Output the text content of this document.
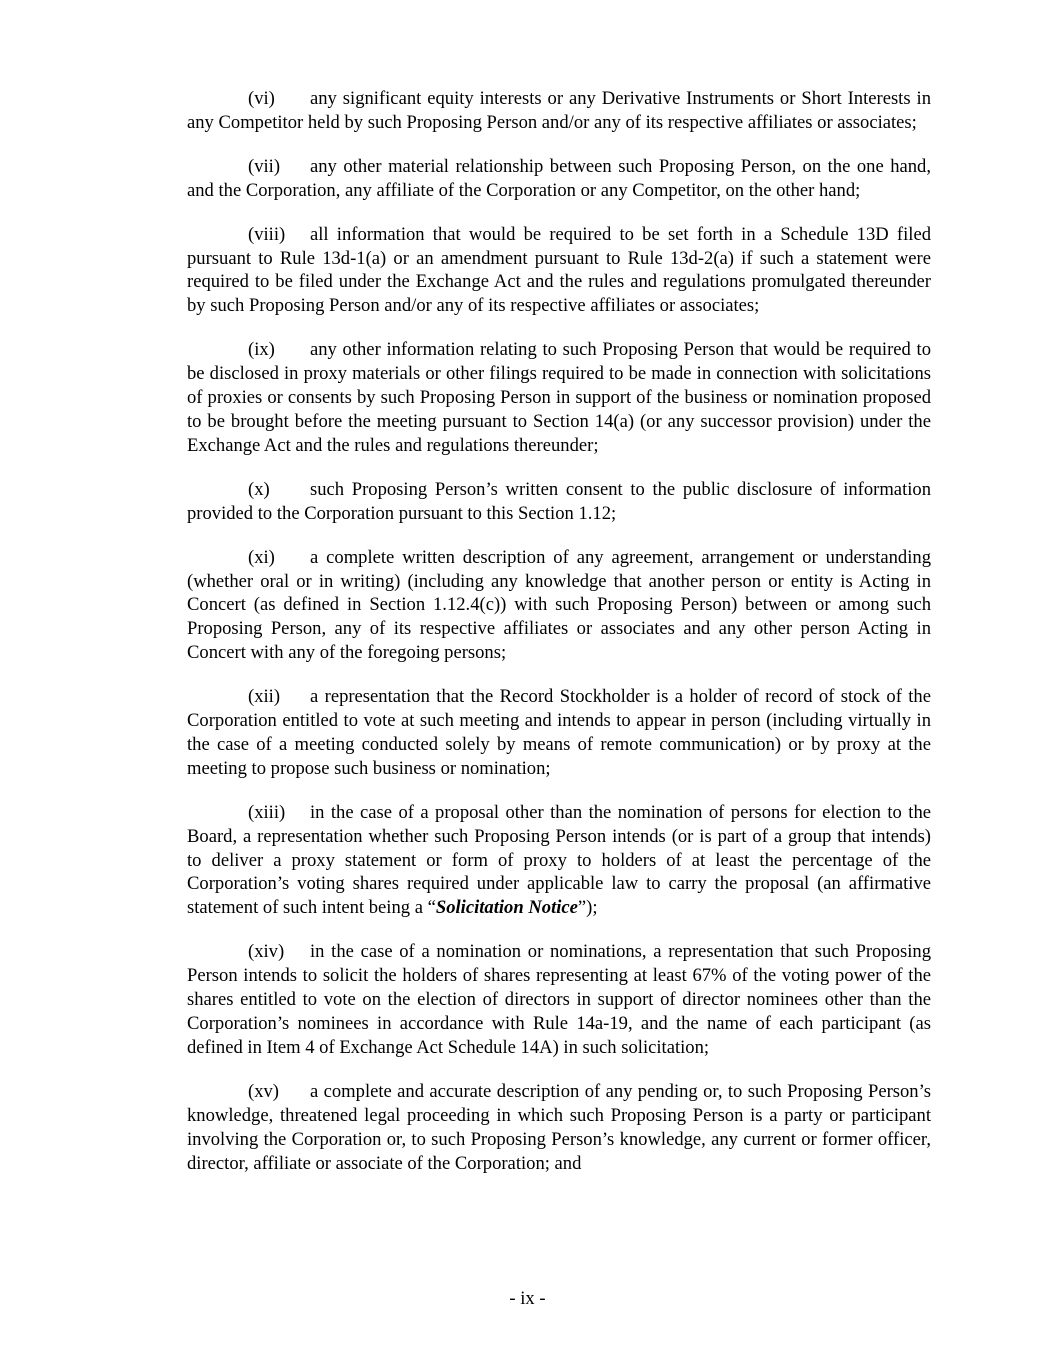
(vi) any significant equity interests or any Derivative Instruments or Short Interests in any Competitor held by such Proposing Person and/or any of its respective affiliates or associates;

(vii) any other material relationship between such Proposing Person, on the one hand, and the Corporation, any affiliate of the Corporation or any Competitor, on the other hand;

(viii) all information that would be required to be set forth in a Schedule 13D filed pursuant to Rule 13d-1(a) or an amendment pursuant to Rule 13d-2(a) if such a statement were required to be filed under the Exchange Act and the rules and regulations promulgated thereunder by such Proposing Person and/or any of its respective affiliates or associates;

(ix) any other information relating to such Proposing Person that would be required to be disclosed in proxy materials or other filings required to be made in connection with solicitations of proxies or consents by such Proposing Person in support of the business or nomination proposed to be brought before the meeting pursuant to Section 14(a) (or any successor provision) under the Exchange Act and the rules and regulations thereunder;

(x) such Proposing Person’s written consent to the public disclosure of information provided to the Corporation pursuant to this Section 1.12;

(xi) a complete written description of any agreement, arrangement or understanding (whether oral or in writing) (including any knowledge that another person or entity is Acting in Concert (as defined in Section 1.12.4(c)) with such Proposing Person) between or among such Proposing Person, any of its respective affiliates or associates and any other person Acting in Concert with any of the foregoing persons;

(xii) a representation that the Record Stockholder is a holder of record of stock of the Corporation entitled to vote at such meeting and intends to appear in person (including virtually in the case of a meeting conducted solely by means of remote communication) or by proxy at the meeting to propose such business or nomination;

(xiii) in the case of a proposal other than the nomination of persons for election to the Board, a representation whether such Proposing Person intends (or is part of a group that intends) to deliver a proxy statement or form of proxy to holders of at least the percentage of the Corporation’s voting shares required under applicable law to carry the proposal (an affirmative statement of such intent being a “Solicitation Notice”);

(xiv) in the case of a nomination or nominations, a representation that such Proposing Person intends to solicit the holders of shares representing at least 67% of the voting power of the shares entitled to vote on the election of directors in support of director nominees other than the Corporation’s nominees in accordance with Rule 14a-19, and the name of each participant (as defined in Item 4 of Exchange Act Schedule 14A) in such solicitation;

(xv) a complete and accurate description of any pending or, to such Proposing Person’s knowledge, threatened legal proceeding in which such Proposing Person is a party or participant involving the Corporation or, to such Proposing Person’s knowledge, any current or former officer, director, affiliate or associate of the Corporation; and

- ix -
